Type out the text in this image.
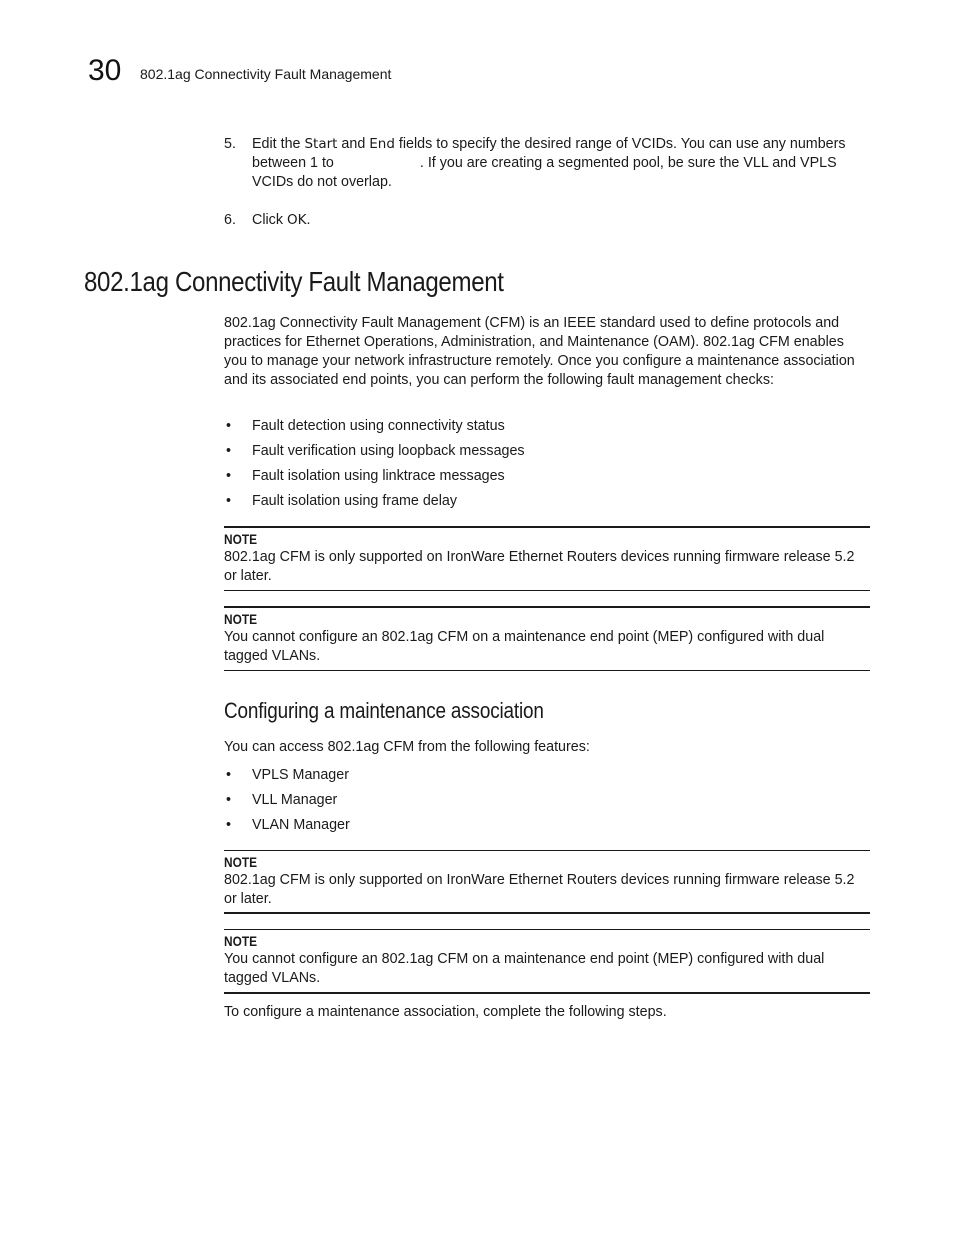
30 802.1ag Connectivity Fault Management
5. Edit the Start and End fields to specify the desired range of VCIDs. You can use any numbers between 1 to	. If you are creating a segmented pool, be sure the VLL and VPLS VCIDs do not overlap.
6. Click OK.
802.1ag Connectivity Fault Management
802.1ag Connectivity Fault Management (CFM) is an IEEE standard used to define protocols and practices for Ethernet Operations, Administration, and Maintenance (OAM). 802.1ag CFM enables you to manage your network infrastructure remotely. Once you configure a maintenance association and its associated end points, you can perform the following fault management checks:
• Fault detection using connectivity status
• Fault verification using loopback messages
• Fault isolation using linktrace messages
• Fault isolation using frame delay
NOTE
802.1ag CFM is only supported on IronWare Ethernet Routers devices running firmware release 5.2 or later.
NOTE
You cannot configure an 802.1ag CFM on a maintenance end point (MEP) configured with dual tagged VLANs.
Configuring a maintenance association
You can access 802.1ag CFM from the following features:
• VPLS Manager
• VLL Manager
• VLAN Manager
NOTE
802.1ag CFM is only supported on IronWare Ethernet Routers devices running firmware release 5.2 or later.
NOTE
You cannot configure an 802.1ag CFM on a maintenance end point (MEP) configured with dual tagged VLANs.
To configure a maintenance association, complete the following steps.
